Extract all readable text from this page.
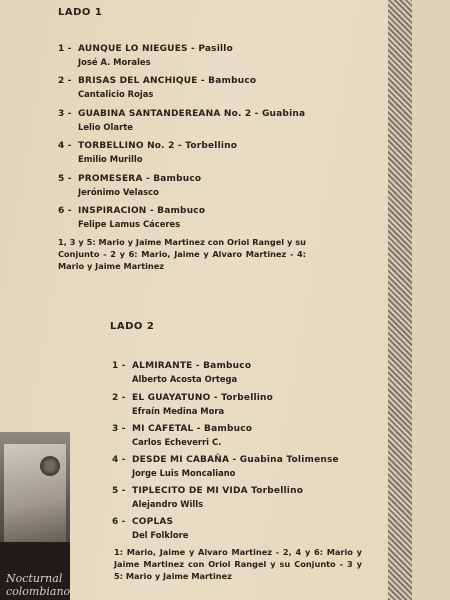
LADO 1
1 - AUNQUE LO NIEGUES - Pasillo
José A. Morales
2 - BRISAS DEL ANCHIQUE - Bambuco
Cantalicio Rojas
3 - GUABINA SANTANDEREANA No. 2 - Guabina
Lelio Olarte
4 - TORBELLINO No. 2 - Torbellino
Emilio Murillo
5 - PROMESERA - Bambuco
Jerónimo Velasco
6 - INSPIRACION - Bambuco
Felipe Lamus Cáceres
1, 3 y 5: Mario y Jaime Martinez con Oriol Rangel y su Conjunto - 2 y 6: Mario, Jaime y Alvaro Martinez - 4: Mario y Jaime Martinez
LADO 2
1 - ALMIRANTE - Bambuco
Alberto Acosta Ortega
2 - EL GUAYATUNO - Torbellino
Efraín Medina Mora
3 - MI CAFETAL - Bambuco
Carlos Echeverri C.
4 - DESDE MI CABAÑA - Guabina Tolimense
Jorge Luis Moncaliano
5 - TIPLECITO DE MI VIDA Torbellino
Alejandro Wills
6 - COPLAS
Del Folklore
1: Mario, Jaime y Alvaro Martinez - 2, 4 y 6: Mario y Jaime Martinez con Oriol Rangel y su Conjunto - 3 y 5: Mario y Jaime Martinez
Nocturnal colombiano
